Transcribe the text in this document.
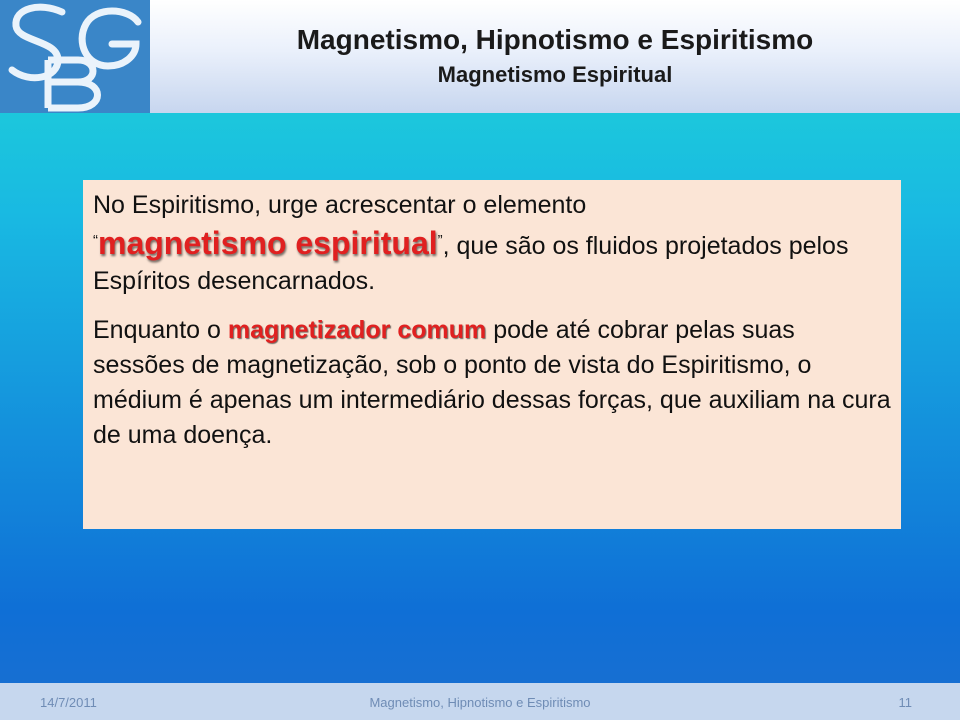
Magnetismo, Hipnotismo e Espiritismo
Magnetismo Espiritual

No Espiritismo, urge acrescentar o elemento
“magnetismo espiritual”, que são os fluidos projetados pelos Espíritos desencarnados.

Enquanto o magnetizador comum pode até cobrar pelas suas sessões de magnetização, sob o ponto de vista do Espiritismo, o médium é apenas um intermediário dessas forças, que auxiliam na cura de uma doença.

14/7/2011	Magnetismo, Hipnotismo e Espiritismo	11
